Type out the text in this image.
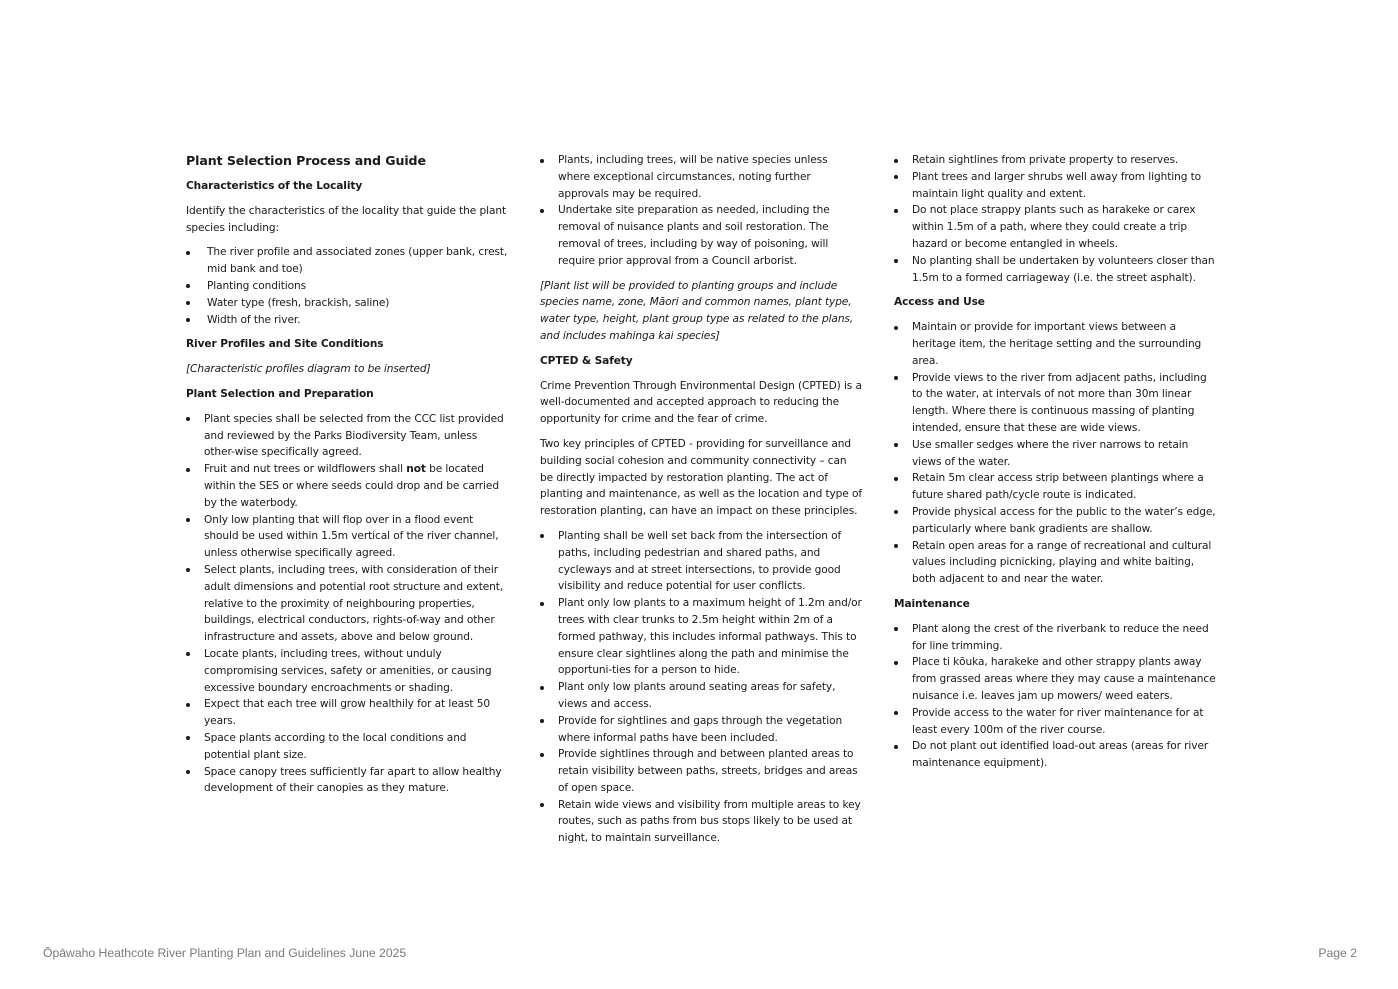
Plant Selection Process and Guide
Characteristics of the Locality

Identify the characteristics of the locality that guide the plant species including:

The river profile and associated zones (upper bank, crest, mid bank and toe)
Planting conditions
Water type (fresh, brackish, saline)
Width of the river.
River Profiles and Site Conditions

[Characteristic profiles diagram to be inserted]

Plant Selection and Preparation
Plant species shall be selected from the CCC list provided and reviewed by the Parks Biodiversity Team, unless other-wise specifically agreed.
Fruit and nut trees or wildflowers shall not be located within the SES or where seeds could drop and be carried by the waterbody.
Only low planting that will flop over in a flood event should be used within 1.5m vertical of the river channel, unless otherwise specifically agreed.
Select plants, including trees, with consideration of their adult dimensions and potential root structure and extent, relative to the proximity of neighbouring properties, buildings, electrical conductors, rights-of-way and other infrastructure and assets, above and below ground.
Locate plants, including trees, without unduly compromising services, safety or amenities, or causing excessive boundary encroachments or shading.
Expect that each tree will grow healthily for at least 50 years.
Space plants according to the local conditions and potential plant size.
Space canopy trees sufficiently far apart to allow healthy development of their canopies as they mature.
Plants, including trees, will be native species unless where exceptional circumstances, noting further approvals may be required.
Undertake site preparation as needed, including the removal of nuisance plants and soil restoration. The removal of trees, including by way of poisoning, will require prior approval from a Council arborist.

[Plant list will be provided to planting groups and include species name, zone, Māori and common names, plant type, water type, height, plant group type as related to the plans, and includes mahinga kai species]

CPTED & Safety

Crime Prevention Through Environmental Design (CPTED) is a well-documented and accepted approach to reducing the opportunity for crime and the fear of crime.

Two key principles of CPTED - providing for surveillance and building social cohesion and community connectivity – can be directly impacted by restoration planting. The act of planting and maintenance, as well as the location and type of restoration planting, can have an impact on these principles.

Planting shall be well set back from the intersection of paths, including pedestrian and shared paths, and cycleways and at street intersections, to provide good visibility and reduce potential for user conflicts.
Plant only low plants to a maximum height of 1.2m and/or trees with clear trunks to 2.5m height within 2m of a formed pathway, this includes informal pathways. This to ensure clear sightlines along the path and minimise the opportuni-ties for a person to hide.
Plant only low plants around seating areas for safety, views and access.
Provide for sightlines and gaps through the vegetation where informal paths have been included.
Provide sightlines through and between planted areas to retain visibility between paths, streets, bridges and areas of open space.
Retain wide views and visibility from multiple areas to key routes, such as paths from bus stops likely to be used at night, to maintain surveillance.
Retain sightlines from private property to reserves.
Plant trees and larger shrubs well away from lighting to maintain light quality and extent.
Do not place strappy plants such as harakeke or carex within 1.5m of a path, where they could create a trip hazard or become entangled in wheels.
No planting shall be undertaken by volunteers closer than 1.5m to a formed carriageway (i.e. the street asphalt).
Access and Use
Maintain or provide for important views between a heritage item, the heritage setting and the surrounding area.
Provide views to the river from adjacent paths, including to the water, at intervals of not more than 30m linear length. Where there is continuous massing of planting intended, ensure that these are wide views.
Use smaller sedges where the river narrows to retain views of the water.
Retain 5m clear access strip between plantings where a future shared path/cycle route is indicated.
Provide physical access for the public to the water’s edge, particularly where bank gradients are shallow.
Retain open areas for a range of recreational and cultural values including picnicking, playing and white baiting, both adjacent to and near the water.
Maintenance
Plant along the crest of the riverbank to reduce the need for line trimming.
Place ti kōuka, harakeke and other strappy plants away from grassed areas where they may cause a maintenance nuisance i.e. leaves jam up mowers/ weed eaters.
Provide access to the water for river maintenance for at least every 100m of the river course.
Do not plant out identified load-out areas (areas for river maintenance equipment).
Ōpāwaho Heathcote River Planting Plan and Guidelines June 2025	Page 2
